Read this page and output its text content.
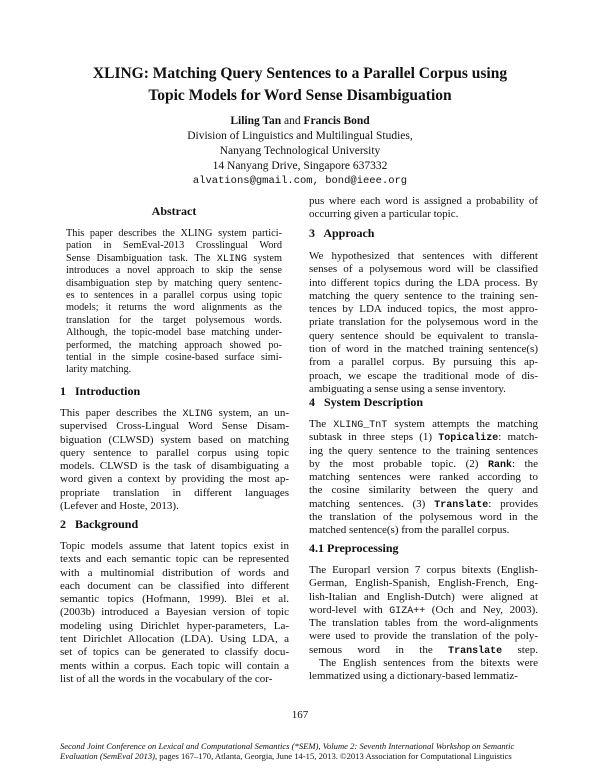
XLING: Matching Query Sentences to a Parallel Corpus using
Topic Models for Word Sense Disambiguation
Liling Tan and Francis Bond
Division of Linguistics and Multilingual Studies,
Nanyang Technological University
14 Nanyang Drive, Singapore 637332
alvations@gmail.com, bond@ieee.org
Abstract
This paper describes the XLING system partici-
pation in SemEval-2013 Crosslingual Word
Sense Disambiguation task. The XLING system
introduces a novel approach to skip the sense
disambiguation step by matching query sentenc-
es to sentences in a parallel corpus using topic
models; it returns the word alignments as the
translation for the target polysemous words.
Although, the topic-model base matching under-
performed, the matching approach showed po-
tential in the simple cosine-based surface simi-
larity matching.
1   Introduction
This paper describes the XLING system, an un-
supervised Cross-Lingual Word Sense Disam-
biguation (CLWSD) system based on matching
query sentence to parallel corpus using topic
models. CLWSD is the task of disambiguating a
word given a context by providing the most ap-
propriate translation in different languages
(Lefever and Hoste, 2013).
2   Background
Topic models assume that latent topics exist in
texts and each semantic topic can be represented
with a multinomial distribution of words and
each document can be classified into different
semantic topics (Hofmann, 1999). Blei et al.
(2003b) introduced a Bayesian version of topic
modeling using Dirichlet hyper-parameters, La-
tent Dirichlet Allocation (LDA). Using LDA, a
set of topics can be generated to classify docu-
ments within a corpus. Each topic will contain a
list of all the words in the vocabulary of the cor-
pus where each word is assigned a probability of
occurring given a particular topic.
3   Approach
We hypothesized that sentences with different
senses of a polysemous word will be classified
into different topics during the LDA process. By
matching the query sentence to the training sen-
tences by LDA induced topics, the most appro-
priate translation for the polysemous word in the
query sentence should be equivalent to transla-
tion of word in the matched training sentence(s)
from a parallel corpus. By pursuing this ap-
proach, we escape the traditional mode of dis-
ambiguating a sense using a sense inventory.
4   System Description
The XLING_TnT system attempts the matching
subtask in three steps (1) Topicalize: match-
ing the query sentence to the training sentences
by the most probable topic. (2) Rank: the
matching sentences were ranked according to
the cosine similarity between the query and
matching sentences. (3) Translate: provides
the translation of the polysemous word in the
matched sentence(s) from the parallel corpus.
4.1 Preprocessing
The Europarl version 7 corpus bitexts (English-
German, English-Spanish, English-French, Eng-
lish-Italian and English-Dutch) were aligned at
word-level with GIZA++ (Och and Ney, 2003).
The translation tables from the word-alignments
were used to provide the translation of the poly-
semous word in the Translate step.
The English sentences from the bitexts were
lemmatized using a dictionary-based lemmatiz-
167
Second Joint Conference on Lexical and Computational Semantics (*SEM), Volume 2: Seventh International Workshop on Semantic Evaluation (SemEval 2013), pages 167–170, Atlanta, Georgia, June 14-15, 2013. ©2013 Association for Computational Linguistics
